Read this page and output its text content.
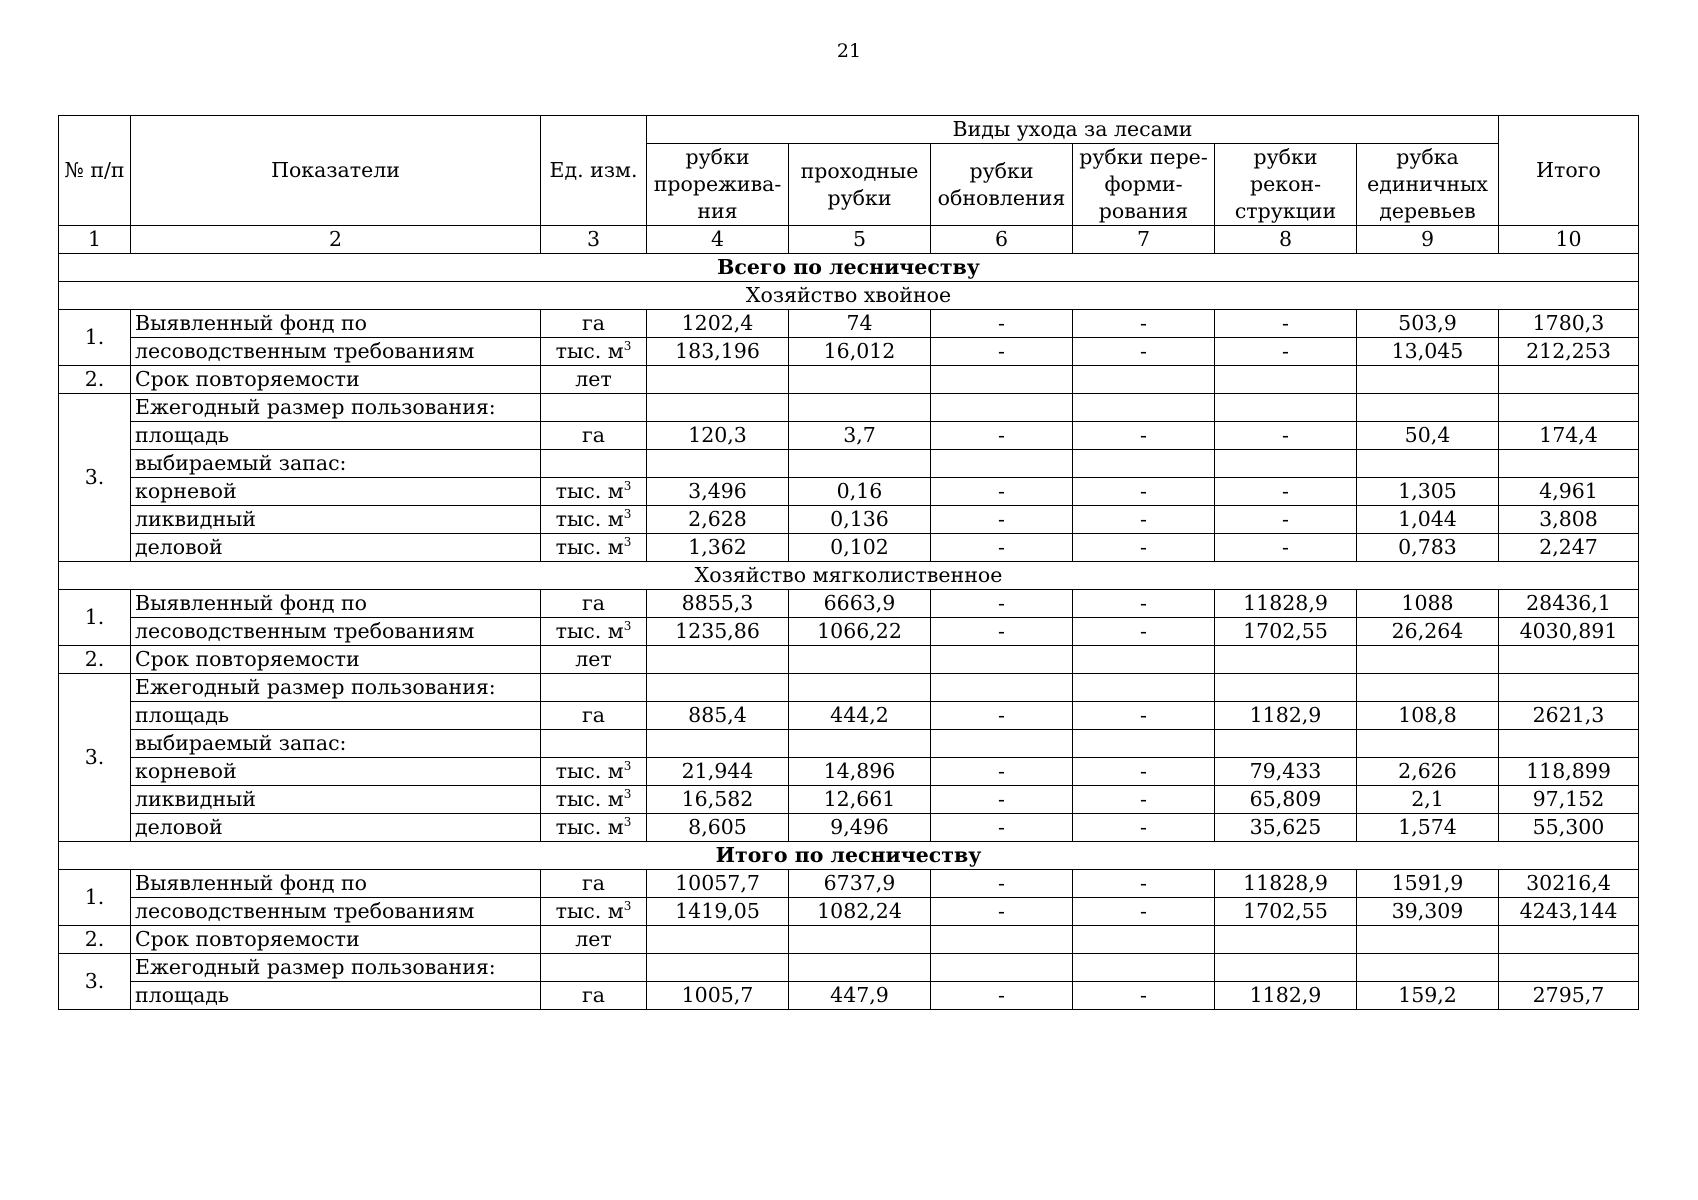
21
№ п/п	Показатели	Ед. изм.	Виды ухода за лесами						Итого
			рубки прорежива-ния	проходные рубки	рубки обновления	рубки пере-форми-рования	рубки рекон-струкции	рубка единичных деревьев	
1	2	3	4	5	6	7	8	9	10
Всего по лесничеству									
Хозяйство хвойное									
1.	Выявленный фонд по	га	1202,4	74	-	-	-	503,9	1780,3
	лесоводственным требованиям	тыс. $м^3$	183,196	16,012	-	-	-	13,045	212,253
2.	Срок повторяемости	лет							
3.	Ежегодный размер пользования:								
	площадь	га	120,3	3,7	-	-	-	50,4	174,4
	выбираемый запас:								
	корневой	тыс. $м^3$	3,496	0,16	-	-	-	1,305	4,961
	ликвидный	тыс. $м^3$	2,628	0,136	-	-	-	1,044	3,808
	деловой	тыс. $м^3$	1,362	0,102	-	-	-	0,783	2,247
Хозяйство мягколиственное									
1.	Выявленный фонд по	га	8855,3	6663,9	-	-	11828,9	1088	28436,1
	лесоводственным требованиям	тыс. $м^3$	1235,86	1066,22	-	-	1702,55	26,264	4030,891
2.	Срок повторяемости	лет							
3.	Ежегодный размер пользования:								
	площадь	га	885,4	444,2	-	-	1182,9	108,8	2621,3
	выбираемый запас:								
	корневой	тыс. $м^3$	21,944	14,896	-	-	79,433	2,626	118,899
	ликвидный	тыс. $м^3$	16,582	12,661	-	-	65,809	2,1	97,152
	деловой	тыс. $м^3$	8,605	9,496	-	-	35,625	1,574	55,300
Итого по лесничеству									
1.	Выявленный фонд по	га	10057,7	6737,9	-	-	11828,9	1591,9	30216,4
	лесоводственным требованиям	тыс. $м^3$	1419,05	1082,24	-	-	1702,55	39,309	4243,144
2.	Срок повторяемости	лет							
3.	Ежегодный размер пользования:								
	площадь	га	1005,7	447,9	-	-	1182,9	159,2	2795,7
